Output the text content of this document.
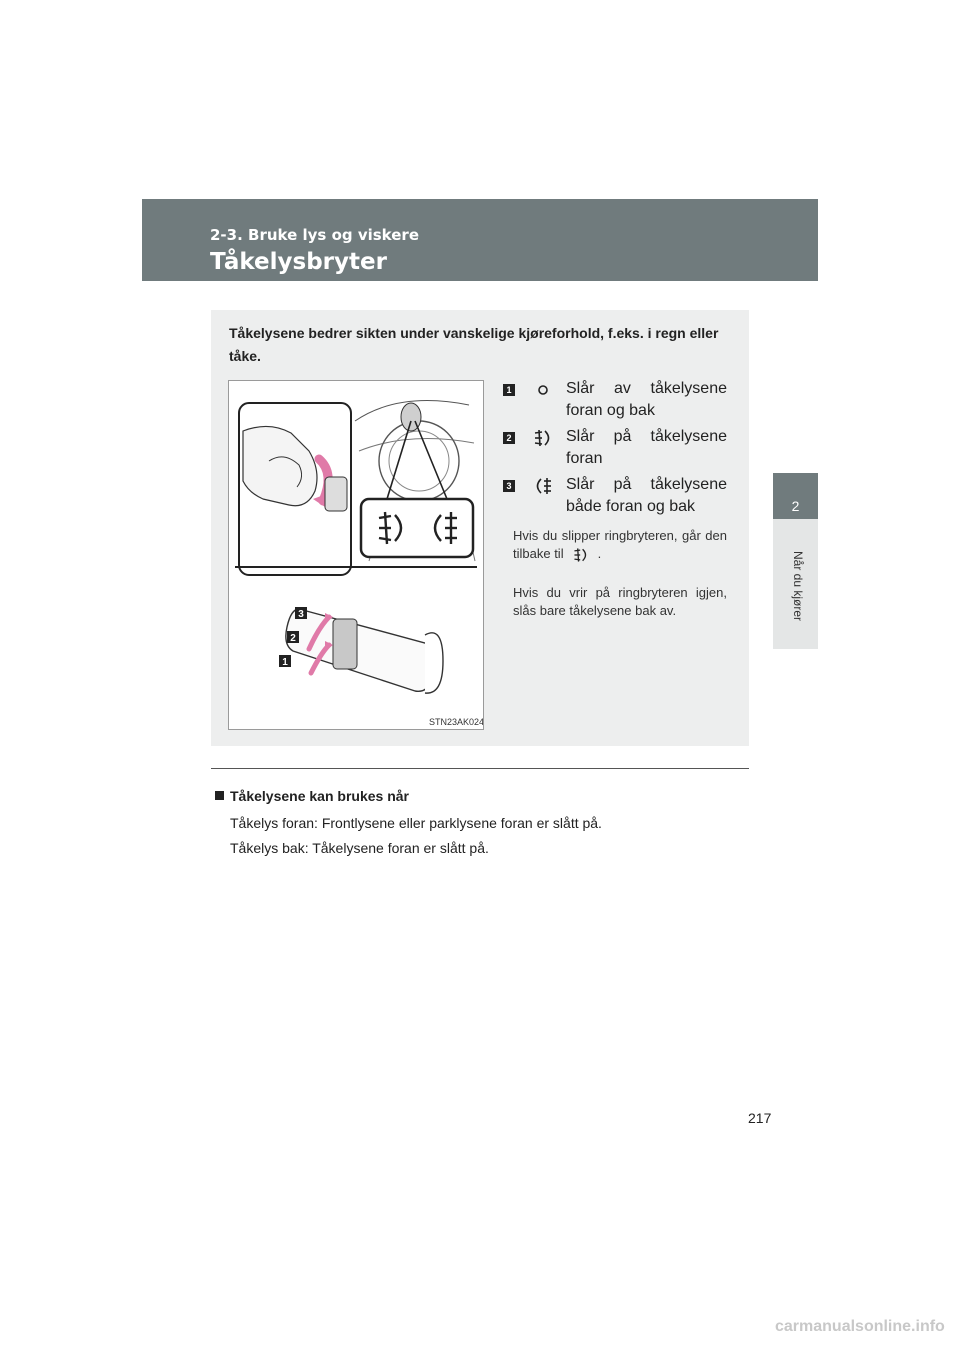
2-3. Bruke lys og viskere
Tåkelysbryter
2
Når du kjører
Tåkelysene bedrer sikten under vanskelige kjøreforhold, f.eks. i regn eller tåke.
3
2
1
STN23AK024
1	Slår av tåkelysene foran og bak
2	Slår på tåkelysene foran
3	Slår på tåkelysene både foran og bak
Hvis du slipper ringbryteren, går den tilbake til	.
Hvis du vrir på ringbryteren igjen, slås bare tåkelysene bak av.
Tåkelysene kan brukes når
Tåkelys foran: Frontlysene eller parklysene foran er slått på.
Tåkelys bak: Tåkelysene foran er slått på.
217
carmanualsonline.info
